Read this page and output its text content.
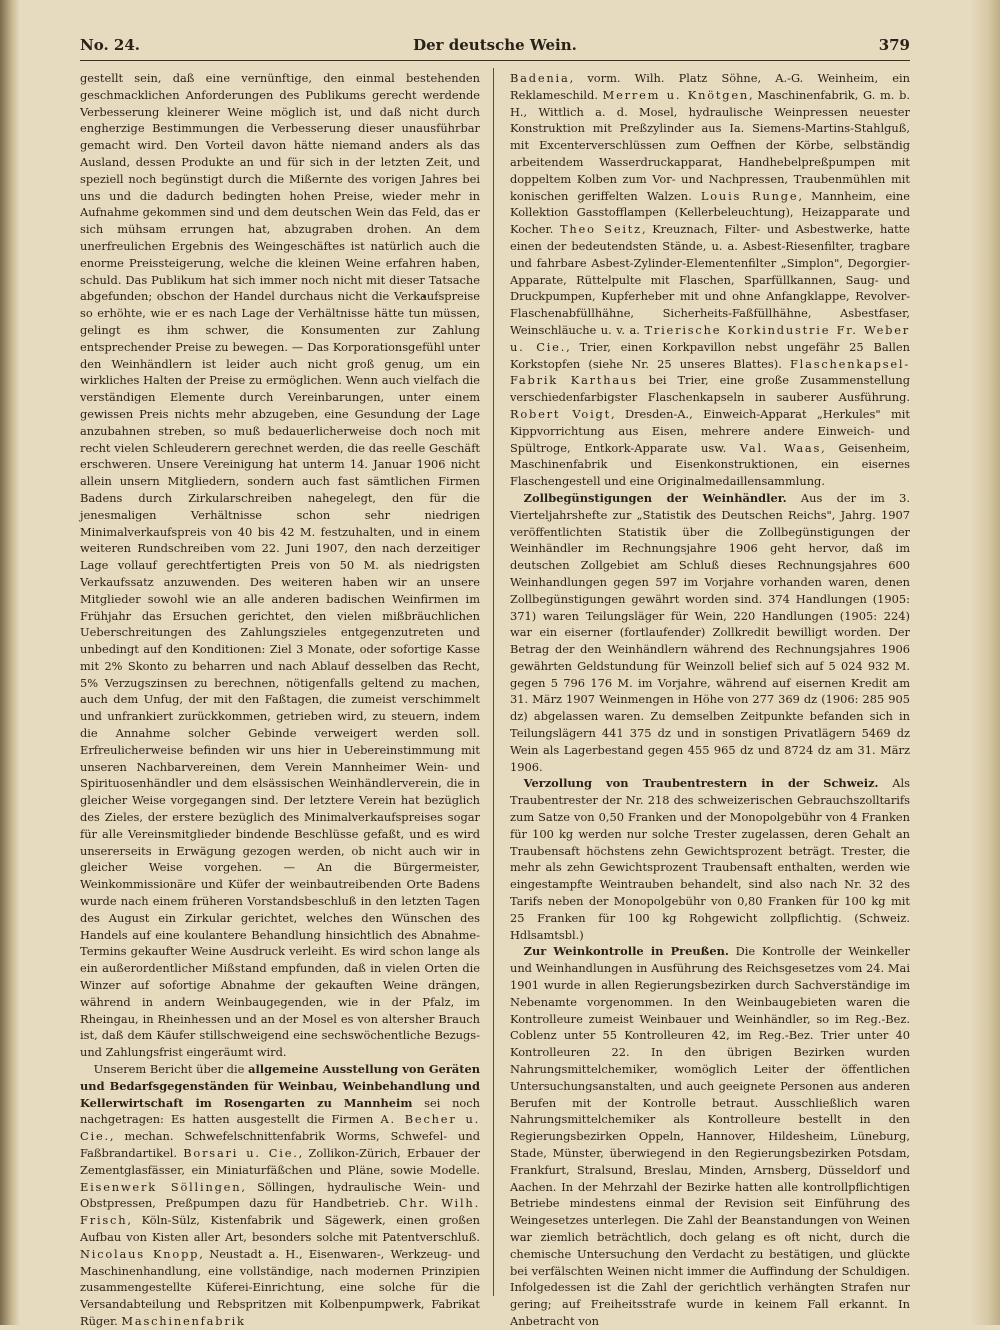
No. 24.	Der deutsche Wein.	379

gestellt sein, daß eine vernünftige, den einmal bestehenden geschmacklichen Anforderungen des Publikums gerecht werdende Verbesserung kleinerer Weine möglich ist, und daß nicht durch engherzige Bestimmungen die Verbesserung dieser unausführbar gemacht wird. Den Vorteil davon hätte niemand anders als das Ausland, dessen Produkte an und für sich in der letzten Zeit, und speziell noch begünstigt durch die Mißernte des vorigen Jahres bei uns und die dadurch bedingten hohen Preise, wieder mehr in Aufnahme gekommen sind und dem deutschen Wein das Feld, das er sich mühsam errungen hat, abzugraben drohen. An dem unerfreulichen Ergebnis des Weingeschäftes ist natürlich auch die enorme Preissteigerung, welche die kleinen Weine erfahren haben, schuld. Das Publikum hat sich immer noch nicht mit dieser Tatsache abgefunden; obschon der Handel durchaus nicht die Verkaufspreise so erhöhte, wie er es nach Lage der Verhältnisse hätte tun müssen, gelingt es ihm schwer, die Konsumenten zur Zahlung entsprechender Preise zu bewegen. — Das Korporationsgefühl unter den Weinhändlern ist leider auch nicht groß genug, um ein wirkliches Halten der Preise zu ermöglichen. Wenn auch vielfach die verständigen Elemente durch Vereinbarungen, unter einem gewissen Preis nichts mehr abzugeben, eine Gesundung der Lage anzubahnen streben, so muß bedauerlicherweise doch noch mit recht vielen Schleuderern gerechnet werden, die das reelle Geschäft erschweren. Unsere Vereinigung hat unterm 14. Januar 1906 nicht allein unsern Mitgliedern, sondern auch fast sämtlichen Firmen Badens durch Zirkularschreiben nahegelegt, den für die jenesmaligen Verhältnisse schon sehr niedrigen Minimalverkaufspreis von 40 bis 42 M. festzuhalten, und in einem weiteren Rundschreiben vom 22. Juni 1907, den nach derzeitiger Lage vollauf gerechtfertigten Preis von 50 M. als niedrigsten Verkaufssatz anzuwenden. Des weiteren haben wir an unsere Mitglieder sowohl wie an alle anderen badischen Weinfirmen im Frühjahr das Ersuchen gerichtet, den vielen mißbräuchlichen Ueberschreitungen des Zahlungszieles entgegenzutreten und unbedingt auf den Konditionen: Ziel 3 Monate, oder sofortige Kasse mit 2% Skonto zu beharren und nach Ablauf desselben das Recht, 5% Verzugszinsen zu berechnen, nötigenfalls geltend zu machen, auch dem Unfug, der mit den Faßtagen, die zumeist verschimmelt und unfrankiert zurückkommen, getrieben wird, zu steuern, indem die Annahme solcher Gebinde verweigert werden soll. Erfreulicherweise befinden wir uns hier in Uebereinstimmung mit unseren Nachbarvereinen, dem Verein Mannheimer Wein- und Spirituosenhändler und dem elsässischen Weinhändlerverein, die in gleicher Weise vorgegangen sind. Der letztere Verein hat bezüglich des Zieles, der erstere bezüglich des Minimalverkaufspreises sogar für alle Vereinsmitglieder bindende Beschlüsse gefaßt, und es wird unsererseits in Erwägung gezogen werden, ob nicht auch wir in gleicher Weise vorgehen. — An die Bürgermeister, Weinkommissionäre und Küfer der weinbautreibenden Orte Badens wurde nach einem früheren Vorstandsbeschluß in den letzten Tagen des August ein Zirkular gerichtet, welches den Wünschen des Handels auf eine koulantere Behandlung hinsichtlich des Abnahme-Termins gekaufter Weine Ausdruck verleiht. Es wird schon lange als ein außerordentlicher Mißstand empfunden, daß in vielen Orten die Winzer auf sofortige Abnahme der gekauften Weine drängen, während in andern Weinbaugegenden, wie in der Pfalz, im Rheingau, in Rheinhessen und an der Mosel es von altersher Brauch ist, daß dem Käufer stillschweigend eine sechswöchentliche Bezugs- und Zahlungsfrist eingeräumt wird.

Unserem Bericht über die allgemeine Ausstellung von Geräten und Bedarfsgegenständen für Weinbau, Weinbehandlung und Kellerwirtschaft im Rosengarten zu Mannheim sei noch nachgetragen: Es hatten ausgestellt die Firmen A. Becher u. Cie., mechan. Schwefelschnittenfabrik Worms, Schwefel- und Faßbrandartikel. Borsari u. Cie., Zollikon-Zürich, Erbauer der Zementglasfässer, ein Miniaturfäßchen und Pläne, sowie Modelle. Eisenwerk Söllingen, Söllingen, hydraulische Wein- und Obstpressen, Preßpumpen dazu für Handbetrieb. Chr. Wilh. Frisch, Köln-Sülz, Kistenfabrik und Sägewerk, einen großen Aufbau von Kisten aller Art, besonders solche mit Patentverschluß. Nicolaus Knopp, Neustadt a. H., Eisenwaren-, Werkzeug- und Maschinenhandlung, eine vollständige, nach modernen Prinzipien zusammengestellte Küferei-Einrichtung, eine solche für die Versandabteilung und Rebspritzen mit Kolbenpumpwerk, Fabrikat Rüger. Maschinenfabrik

Badenia, vorm. Wilh. Platz Söhne, A.-G. Weinheim, ein Reklameschild. Merrem u. Knötgen, Maschinenfabrik, G. m. b. H., Wittlich a. d. Mosel, hydraulische Weinpressen neuester Konstruktion mit Preßzylinder aus Ia. Siemens-Martins-Stahlguß, mit Excenterverschlüssen zum Oeffnen der Körbe, selbständig arbeitendem Wasserdruckapparat, Handhebelpreßpumpen mit doppeltem Kolben zum Vor- und Nachpressen, Traubenmühlen mit konischen geriffelten Walzen. Louis Runge, Mannheim, eine Kollektion Gasstofflampen (Kellerbeleuchtung), Heizapparate und Kocher. Theo Seitz, Kreuznach, Filter- und Asbestwerke, hatte einen der bedeutendsten Stände, u. a. Asbest-Riesenfilter, tragbare und fahrbare Asbest-Zylinder-Elementenfilter „Simplon", Degorgier-Apparate, Rüttelpulte mit Flaschen, Sparfüllkannen, Saug- und Druckpumpen, Kupferheber mit und ohne Anfangklappe, Revolver-Flaschenabfüllhähne, Sicherheits-Faßfüllhähne, Asbestfaser, Weinschläuche u. v. a. Trierische Korkindustrie Fr. Weber u. Cie., Trier, einen Korkpavillon nebst ungefähr 25 Ballen Korkstopfen (siehe Nr. 25 unseres Blattes). Flaschenkapsel-Fabrik Karthaus bei Trier, eine große Zusammenstellung verschiedenfarbigster Flaschenkapseln in sauberer Ausführung. Robert Voigt, Dresden-A., Einweich-Apparat „Herkules" mit Kippvorrichtung aus Eisen, mehrere andere Einweich- und Spültroge, Entkork-Apparate usw. Val. Waas, Geisenheim, Maschinenfabrik und Eisenkonstruktionen, ein eisernes Flaschengestell und eine Originalmedaillensammlung.

Zollbegünstigungen der Weinhändler. Aus der im 3. Vierteljahrshefte zur „Statistik des Deutschen Reichs", Jahrg. 1907 veröffentlichten Statistik über die Zollbegünstigungen der Weinhändler im Rechnungsjahre 1906 geht hervor, daß im deutschen Zollgebiet am Schluß dieses Rechnungsjahres 600 Weinhandlungen gegen 597 im Vorjahre vorhanden waren, denen Zollbegünstigungen gewährt worden sind. 374 Handlungen (1905: 371) waren Teilungsläger für Wein, 220 Handlungen (1905: 224) war ein eiserner (fortlaufender) Zollkredit bewilligt worden. Der Betrag der den Weinhändlern während des Rechnungsjahres 1906 gewährten Geldstundung für Weinzoll belief sich auf 5 024 932 M. gegen 5 796 176 M. im Vorjahre, während auf eisernen Kredit am 31. März 1907 Weinmengen in Höhe von 277 369 dz (1906: 285 905 dz) abgelassen waren. Zu demselben Zeitpunkte befanden sich in Teilungslägern 441 375 dz und in sonstigen Privatlägern 5469 dz Wein als Lagerbestand gegen 455 965 dz und 8724 dz am 31. März 1906.

Verzollung von Traubentrestern in der Schweiz. Als Traubentrester der Nr. 218 des schweizerischen Gebrauchszolltarifs zum Satze von 0,50 Franken und der Monopolgebühr von 4 Franken für 100 kg werden nur solche Trester zugelassen, deren Gehalt an Traubensaft höchstens zehn Gewichtsprozent beträgt. Trester, die mehr als zehn Gewichtsprozent Traubensaft enthalten, werden wie eingestampfte Weintrauben behandelt, sind also nach Nr. 32 des Tarifs neben der Monopolgebühr von 0,80 Franken für 100 kg mit 25 Franken für 100 kg Rohgewicht zollpflichtig. (Schweiz. Hdlsamtsbl.)

Zur Weinkontrolle in Preußen. Die Kontrolle der Weinkeller und Weinhandlungen in Ausführung des Reichsgesetzes vom 24. Mai 1901 wurde in allen Regierungsbezirken durch Sachverständige im Nebenamte vorgenommen. In den Weinbaugebieten waren die Kontrolleure zumeist Weinbauer und Weinhändler, so im Reg.-Bez. Coblenz unter 55 Kontrolleuren 42, im Reg.-Bez. Trier unter 40 Kontrolleuren 22. In den übrigen Bezirken wurden Nahrungsmittelchemiker, womöglich Leiter der öffentlichen Untersuchungsanstalten, und auch geeignete Personen aus anderen Berufen mit der Kontrolle betraut. Ausschließlich waren Nahrungsmittelchemiker als Kontrolleure bestellt in den Regierungsbezirken Oppeln, Hannover, Hildesheim, Lüneburg, Stade, Münster, überwiegend in den Regierungsbezirken Potsdam, Frankfurt, Stralsund, Breslau, Minden, Arnsberg, Düsseldorf und Aachen. In der Mehrzahl der Bezirke hatten alle kontrollpflichtigen Betriebe mindestens einmal der Revision seit Einführung des Weingesetzes unterlegen. Die Zahl der Beanstandungen von Weinen war ziemlich beträchtlich, doch gelang es oft nicht, durch die chemische Untersuchung den Verdacht zu bestätigen, und glückte bei verfälschten Weinen nicht immer die Auffindung der Schuldigen. Infolgedessen ist die Zahl der gerichtlich verhängten Strafen nur gering; auf Freiheitsstrafe wurde in keinem Fall erkannt. In Anbetracht von
